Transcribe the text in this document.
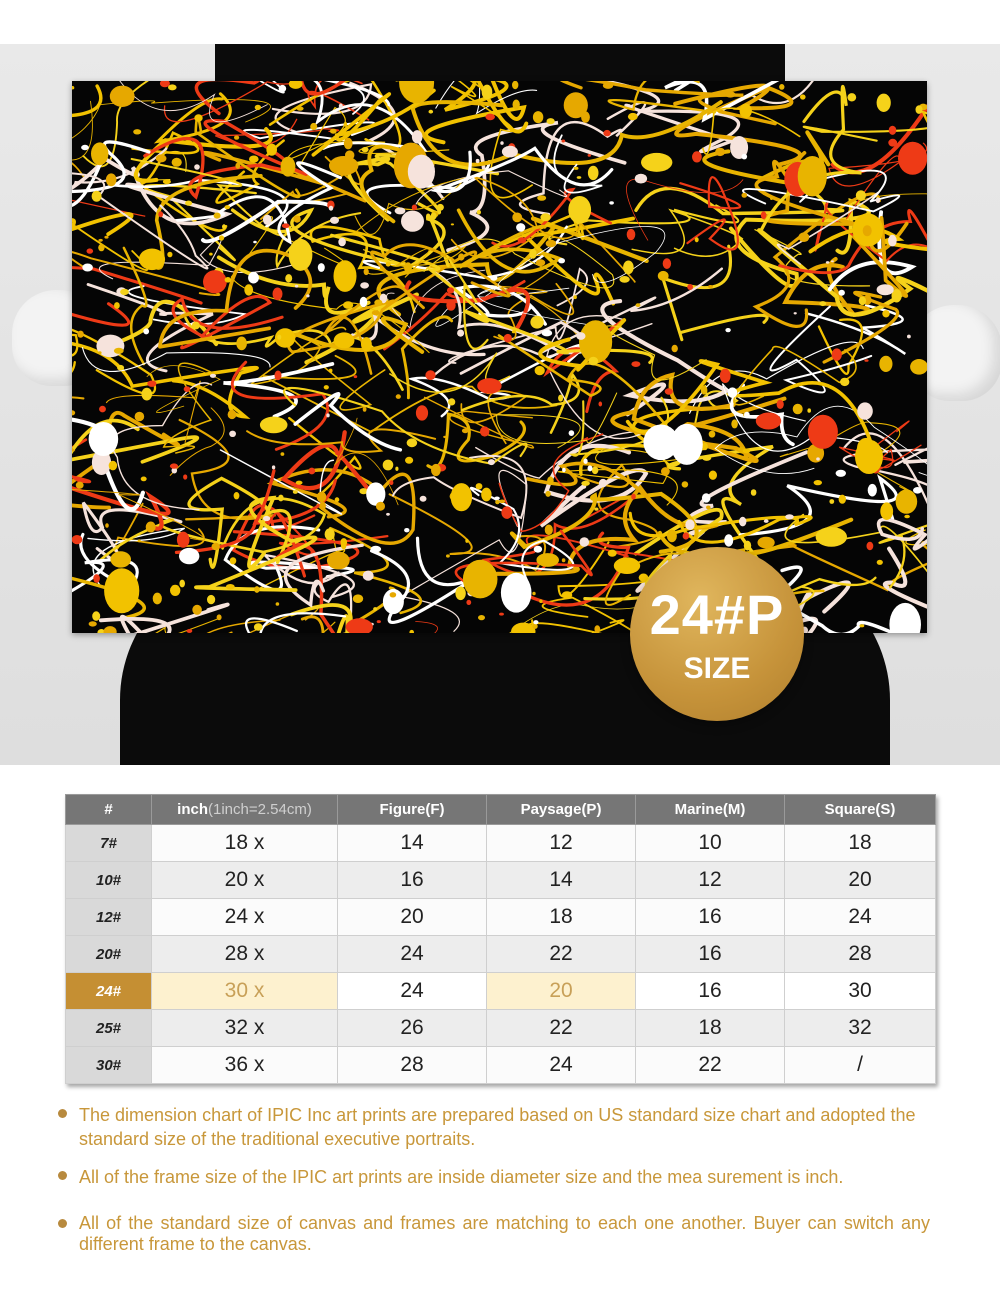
24#P
SIZE
#	inch(1inch=2.54cm)	Figure(F)	Paysage(P)	Marine(M)	Square(S)
7#	18 x	14	12	10	18
10#	20 x	16	14	12	20
12#	24 x	20	18	16	24
20#	28 x	24	22	16	28
24#	30 x	24	20	16	30
25#	32 x	26	22	18	32
30#	36 x	28	24	22	/
The dimension chart of IPIC Inc art prints are prepared based on US standard size chart and adopted the standard size of the traditional executive portraits.
All of the frame size of the IPIC art prints are inside diameter size and the mea surement is inch.
All of the standard size of canvas and frames are matching to each one another. Buyer can switch any different frame to the canvas.
